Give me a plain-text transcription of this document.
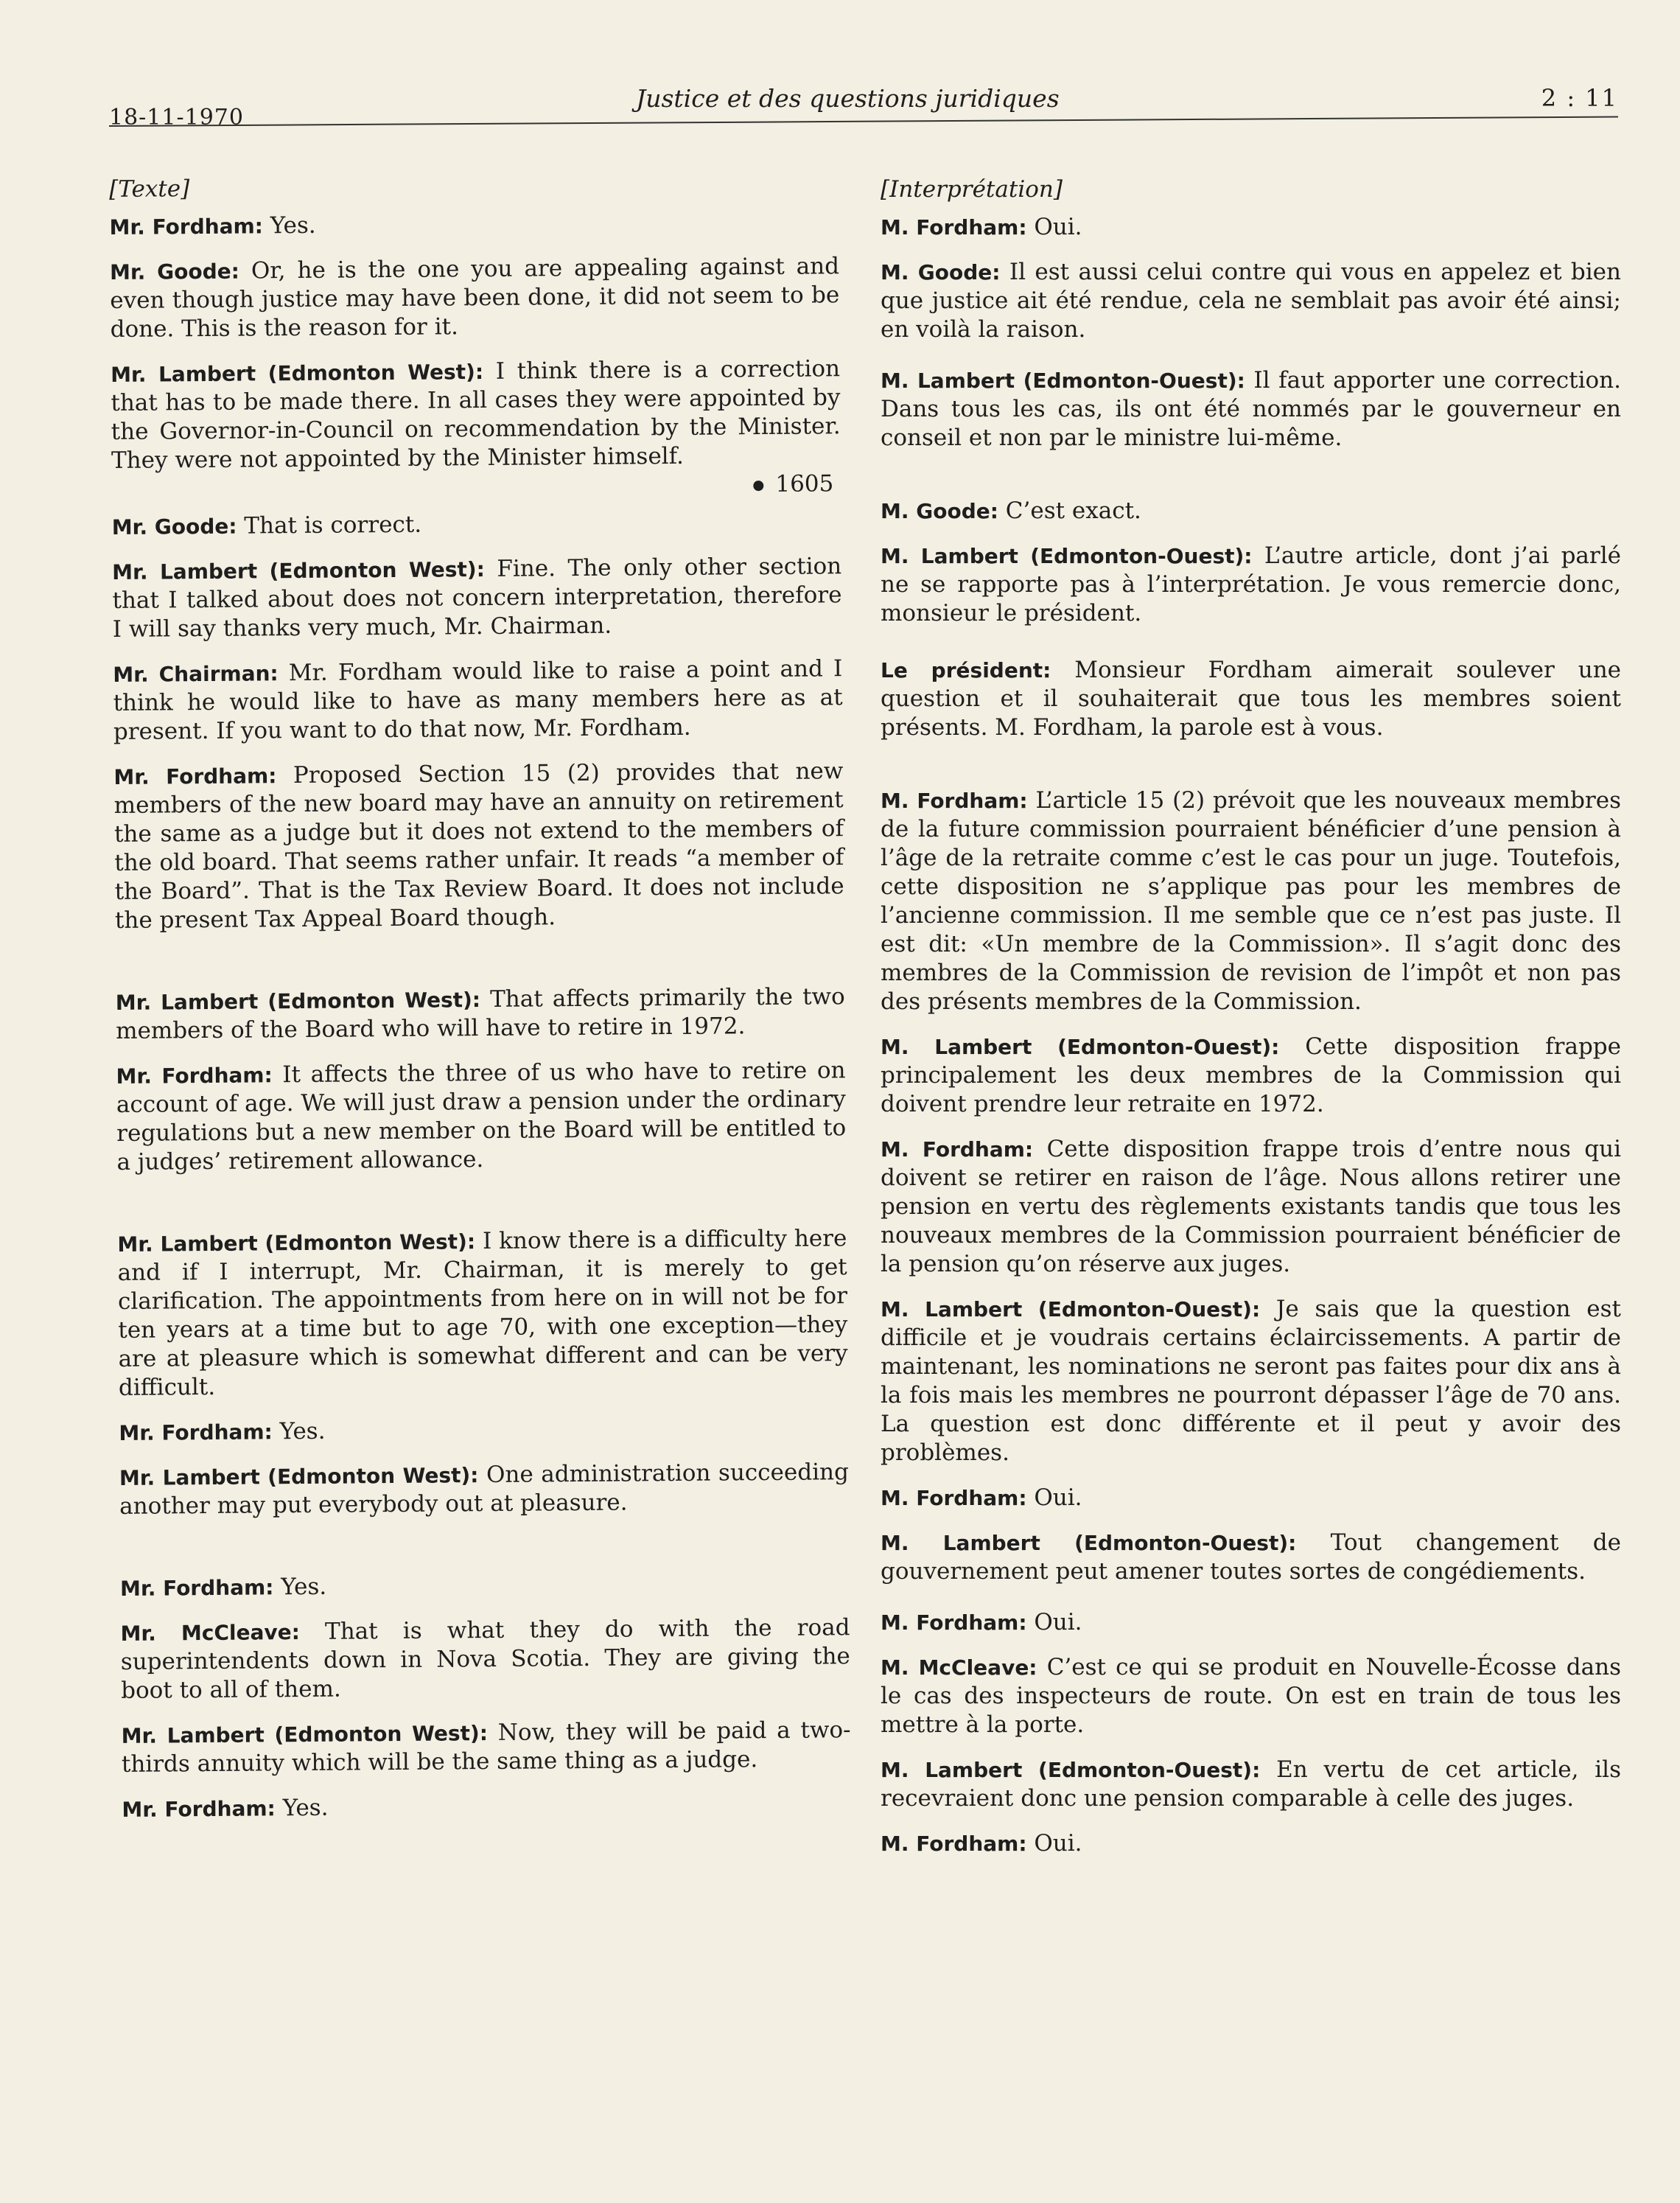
18-11-1970
Justice et des questions juridiques	2 : 11

[Texte]

Mr. Fordham: Yes.

Mr. Goode: Or, he is the one you are appealing against and even though justice may have been done, it did not seem to be done. This is the reason for it.

Mr. Lambert (Edmonton West): I think there is a correction that has to be made there. In all cases they were appointed by the Governor-in-Council on recommendation by the Minister. They were not appointed by the Minister himself.

1605

Mr. Goode: That is correct.

Mr. Lambert (Edmonton West): Fine. The only other section that I talked about does not concern interpretation, therefore I will say thanks very much, Mr. Chairman.

Mr. Chairman: Mr. Fordham would like to raise a point and I think he would like to have as many members here as at present. If you want to do that now, Mr. Fordham.

Mr. Fordham: Proposed Section 15 (2) provides that new members of the new board may have an annuity on retirement the same as a judge but it does not extend to the members of the old board. That seems rather unfair. It reads “a member of the Board”. That is the Tax Review Board. It does not include the present Tax Appeal Board though.

Mr. Lambert (Edmonton West): That affects primarily the two members of the Board who will have to retire in 1972.

Mr. Fordham: It affects the three of us who have to retire on account of age. We will just draw a pension under the ordinary regulations but a new member on the Board will be entitled to a judges’ retirement allowance.

Mr. Lambert (Edmonton West): I know there is a difficulty here and if I interrupt, Mr. Chairman, it is merely to get clarification. The appointments from here on in will not be for ten years at a time but to age 70, with one exception—they are at pleasure which is somewhat different and can be very difficult.

Mr. Fordham: Yes.

Mr. Lambert (Edmonton West): One administration succeeding another may put everybody out at pleasure.

Mr. Fordham: Yes.

Mr. McCleave: That is what they do with the road superintendents down in Nova Scotia. They are giving the boot to all of them.

Mr. Lambert (Edmonton West): Now, they will be paid a two-thirds annuity which will be the same thing as a judge.

Mr. Fordham: Yes.

[Interprétation]

M. Fordham: Oui.

M. Goode: Il est aussi celui contre qui vous en appelez et bien que justice ait été rendue, cela ne semblait pas avoir été ainsi; en voilà la raison.

M. Lambert (Edmonton-Ouest): Il faut apporter une correction. Dans tous les cas, ils ont été nommés par le gouverneur en conseil et non par le ministre lui-même.

M. Goode: C’est exact.

M. Lambert (Edmonton-Ouest): L’autre article, dont j’ai parlé ne se rapporte pas à l’interprétation. Je vous remercie donc, monsieur le président.

Le président: Monsieur Fordham aimerait soulever une question et il souhaiterait que tous les membres soient présents. M. Fordham, la parole est à vous.

M. Fordham: L’article 15 (2) prévoit que les nouveaux membres de la future commission pourraient bénéficier d’une pension à l’âge de la retraite comme c’est le cas pour un juge. Toutefois, cette disposition ne s’applique pas pour les membres de l’ancienne commission. Il me semble que ce n’est pas juste. Il est dit: «Un membre de la Commission». Il s’agit donc des membres de la Commission de revision de l’impôt et non pas des présents membres de la Commission.

M. Lambert (Edmonton-Ouest): Cette disposition frappe principalement les deux membres de la Commission qui doivent prendre leur retraite en 1972.

M. Fordham: Cette disposition frappe trois d’entre nous qui doivent se retirer en raison de l’âge. Nous allons retirer une pension en vertu des règlements existants tandis que tous les nouveaux membres de la Commission pourraient bénéficier de la pension qu’on réserve aux juges.

M. Lambert (Edmonton-Ouest): Je sais que la question est difficile et je voudrais certains éclaircissements. A partir de maintenant, les nominations ne seront pas faites pour dix ans à la fois mais les membres ne pourront dépasser l’âge de 70 ans. La question est donc différente et il peut y avoir des problèmes.

M. Fordham: Oui.

M. Lambert (Edmonton-Ouest): Tout changement de gouvernement peut amener toutes sortes de congédiements.

M. Fordham: Oui.

M. McCleave: C’est ce qui se produit en Nouvelle-Écosse dans le cas des inspecteurs de route. On est en train de tous les mettre à la porte.

M. Lambert (Edmonton-Ouest): En vertu de cet article, ils recevraient donc une pension comparable à celle des juges.

M. Fordham: Oui.
